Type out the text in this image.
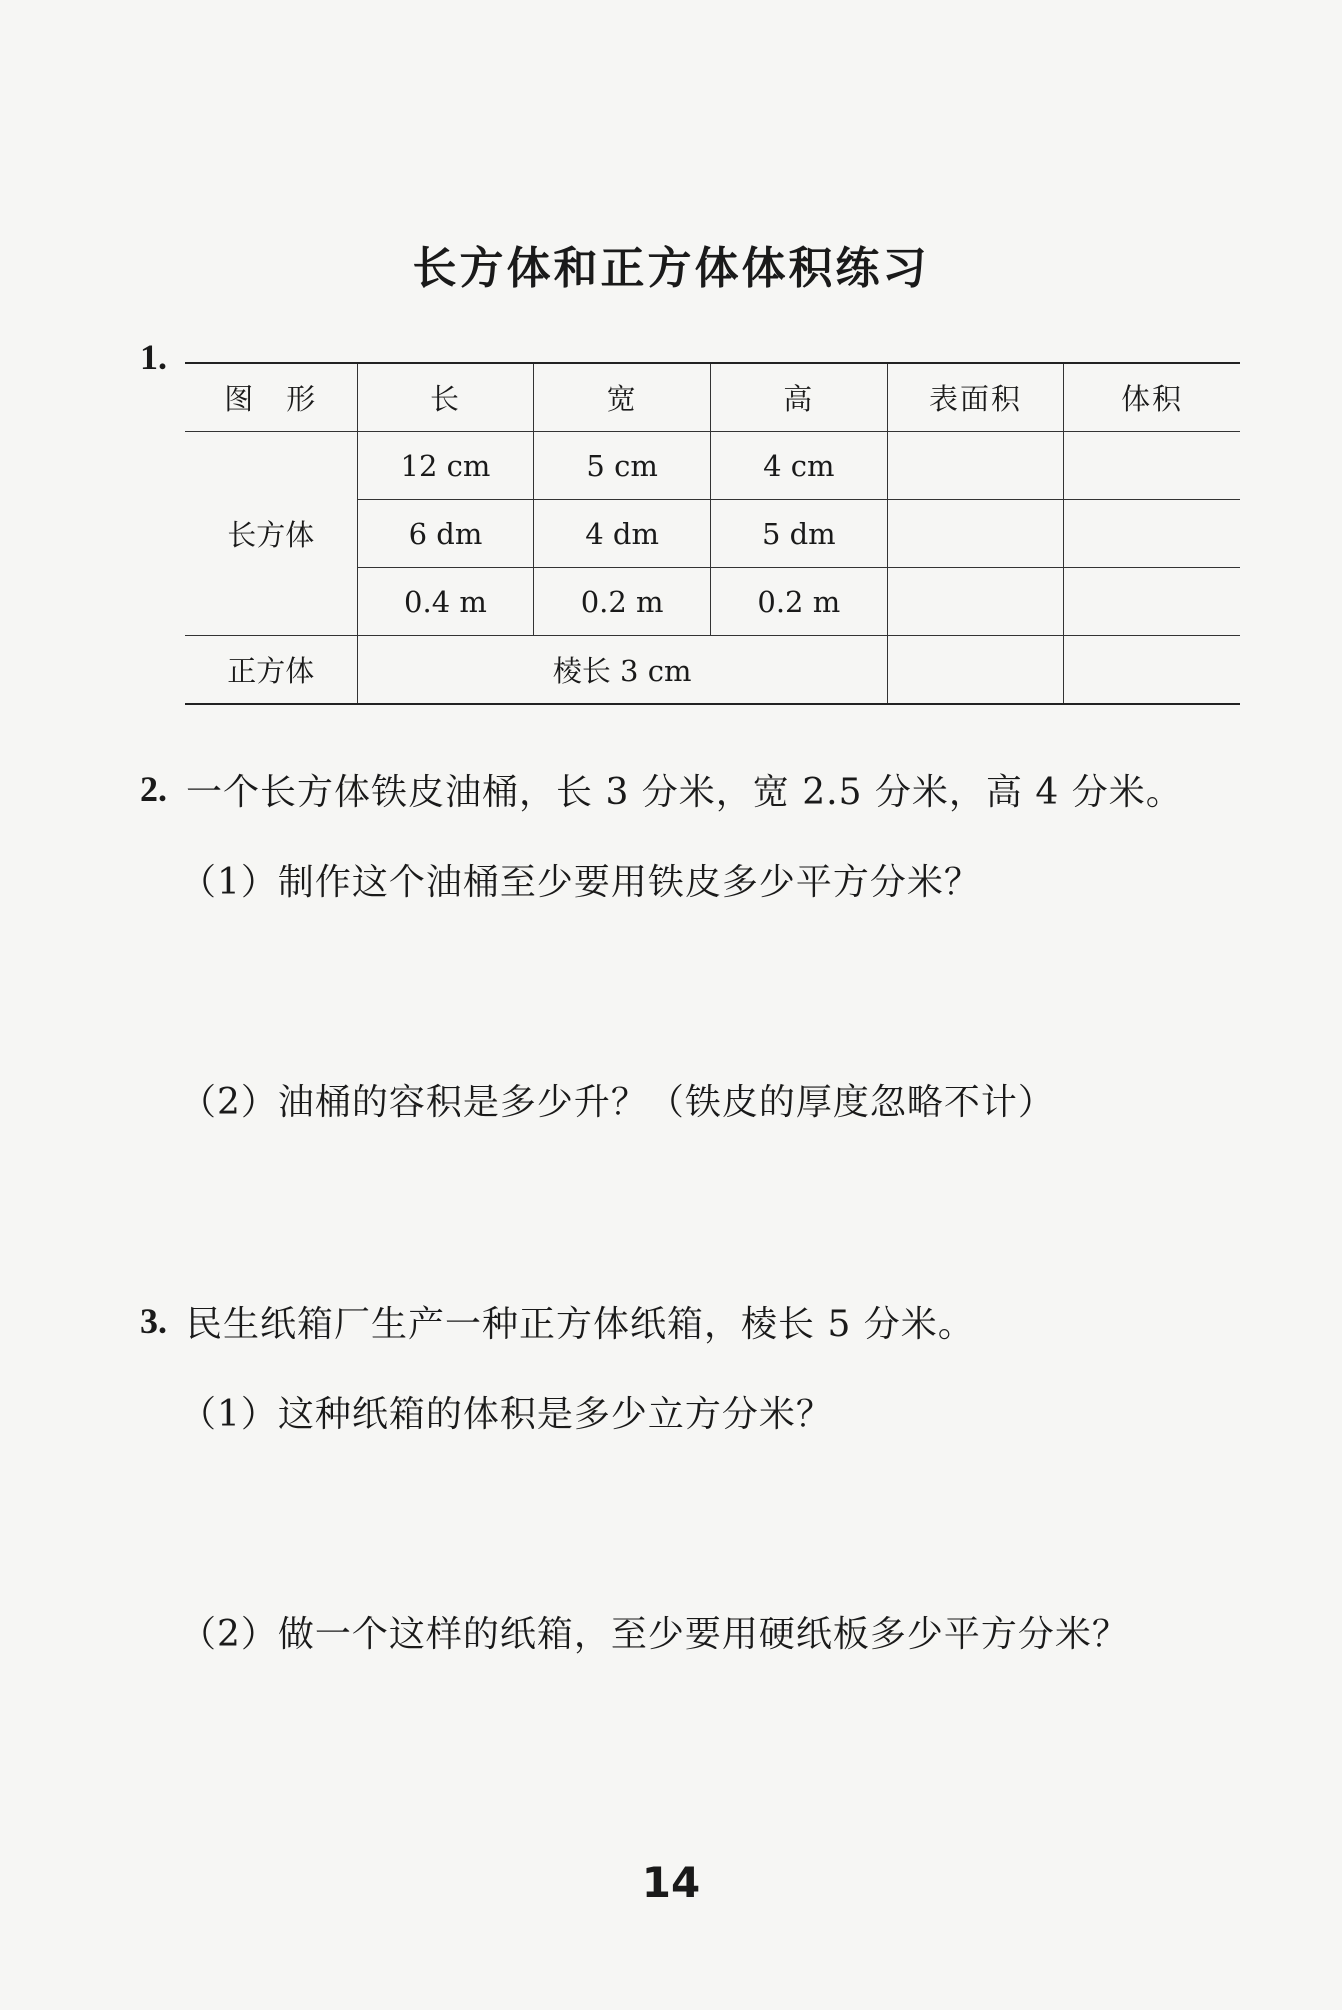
长方体和正方体体积练习
1.
图　形	长	宽	高	表面积	体积
长方体	12 cm	5 cm	4 cm		
	6 dm	4 dm	5 dm		
	0.4 m	0.2 m	0.2 m		
正方体	棱长 3 cm				
2. 一个长方体铁皮油桶，长 3 分米，宽 2.5 分米，高 4 分米。
（1）制作这个油桶至少要用铁皮多少平方分米？
（2）油桶的容积是多少升？（铁皮的厚度忽略不计）
3. 民生纸箱厂生产一种正方体纸箱，棱长 5 分米。
（1）这种纸箱的体积是多少立方分米？
（2）做一个这样的纸箱，至少要用硬纸板多少平方分米？
14
